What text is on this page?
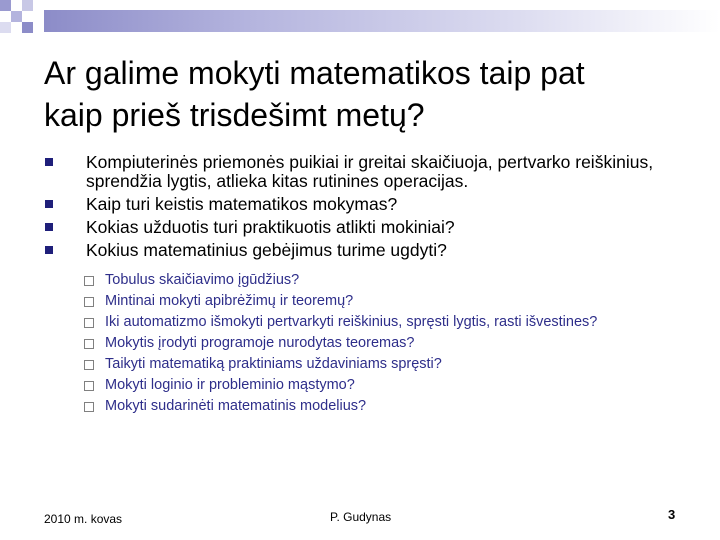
Ar galime mokyti matematikos taip pat
kaip prieš trisdešimt metų?
Kompiuterinės priemonės puikiai ir greitai skaičiuoja, pertvarko reiškinius, sprendžia lygtis, atlieka kitas rutinines operacijas.
Kaip turi keistis matematikos mokymas?
Kokias užduotis turi praktikuotis atlikti mokiniai?
Kokius matematinius gebėjimus turime ugdyti?
Tobulus skaičiavimo įgūdžius?
Mintinai mokyti apibrėžimų ir teoremų?
Iki automatizmo išmokyti pertvarkyti reiškinius, spręsti lygtis, rasti išvestines?
Mokytis įrodyti programoje nurodytas teoremas?
Taikyti matematiką praktiniams uždaviniams spręsti?
Mokyti loginio ir probleminio mąstymo?
Mokyti sudarinėti matematinis modelius?
2010 m. kovas	P. Gudynas	3
